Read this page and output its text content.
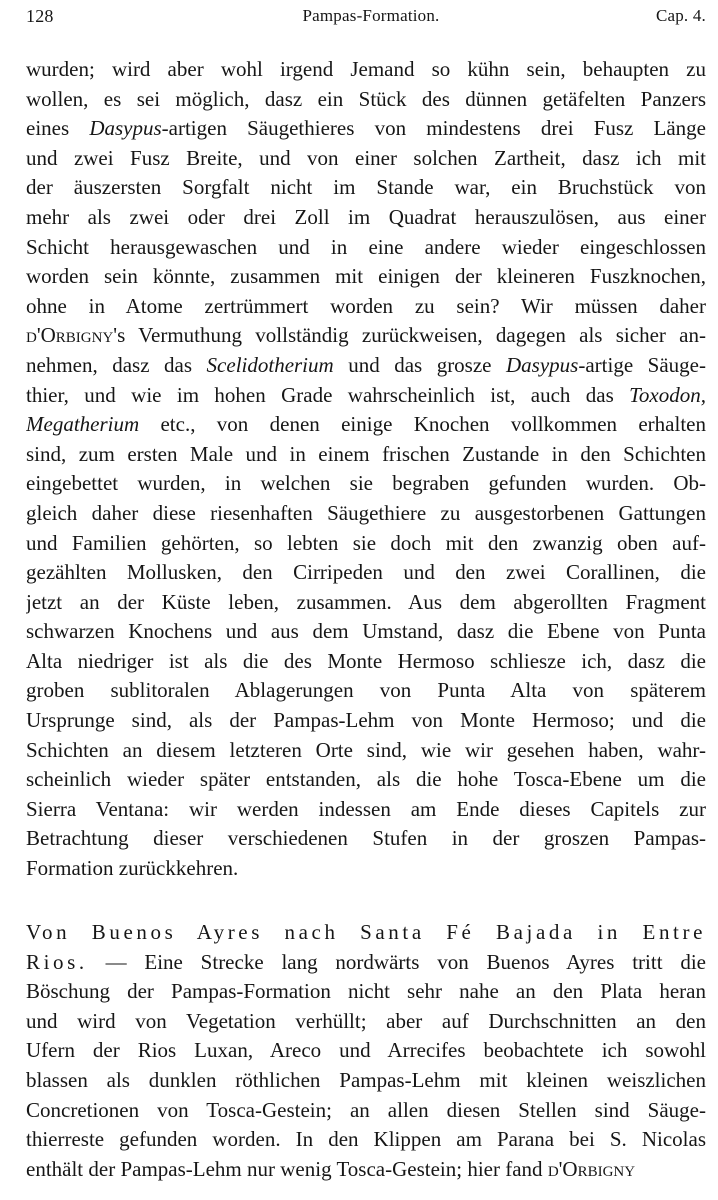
128	Pampas-Formation.	Cap. 4.
wurden; wird aber wohl irgend Jemand so kühn sein, behaupten zu
wollen, es sei möglich, dasz ein Stück des dünnen getäfelten Panzers
eines Dasypus-artigen Säugethieres von mindestens drei Fusz Länge
und zwei Fusz Breite, und von einer solchen Zartheit, dasz ich mit
der äuszersten Sorgfalt nicht im Stande war, ein Bruchstück von
mehr als zwei oder drei Zoll im Quadrat herauszulösen, aus einer
Schicht herausgewaschen und in eine andere wieder eingeschlossen
worden sein könnte, zusammen mit einigen der kleineren Fuszknochen,
ohne in Atome zertrümmert worden zu sein? Wir müssen daher
d'Orbigny's Vermuthung vollständig zurückweisen, dagegen als sicher an-
nehmen, dasz das Scelidotherium und das grosze Dasypus-artige Säuge-
thier, und wie im hohen Grade wahrscheinlich ist, auch das Toxodon,
Megatherium etc., von denen einige Knochen vollkommen erhalten
sind, zum ersten Male und in einem frischen Zustande in den Schichten
eingebettet wurden, in welchen sie begraben gefunden wurden. Ob-
gleich daher diese riesenhaften Säugethiere zu ausgestorbenen Gattungen
und Familien gehörten, so lebten sie doch mit den zwanzig oben auf-
gezählten Mollusken, den Cirripeden und den zwei Corallinen, die
jetzt an der Küste leben, zusammen. Aus dem abgerollten Fragment
schwarzen Knochens und aus dem Umstand, dasz die Ebene von Punta
Alta niedriger ist als die des Monte Hermoso schliesze ich, dasz die
groben sublitoralen Ablagerungen von Punta Alta von späterem
Ursprunge sind, als der Pampas-Lehm von Monte Hermoso; und die
Schichten an diesem letzteren Orte sind, wie wir gesehen haben, wahr-
scheinlich wieder später entstanden, als die hohe Tosca-Ebene um die
Sierra Ventana: wir werden indessen am Ende dieses Capitels zur
Betrachtung dieser verschiedenen Stufen in der groszen Pampas-
Formation zurückkehren.
Von Buenos Ayres nach Santa Fé Bajada in Entre
Rios. — Eine Strecke lang nordwärts von Buenos Ayres tritt die
Böschung der Pampas-Formation nicht sehr nahe an den Plata heran
und wird von Vegetation verhüllt; aber auf Durchschnitten an den
Ufern der Rios Luxan, Areco und Arrecifes beobachtete ich sowohl
blassen als dunklen röthlichen Pampas-Lehm mit kleinen weiszlichen
Concretionen von Tosca-Gestein; an allen diesen Stellen sind Säuge-
thierreste gefunden worden. In den Klippen am Parana bei S. Nicolas
enthält der Pampas-Lehm nur wenig Tosca-Gestein; hier fand d'Orbigny
